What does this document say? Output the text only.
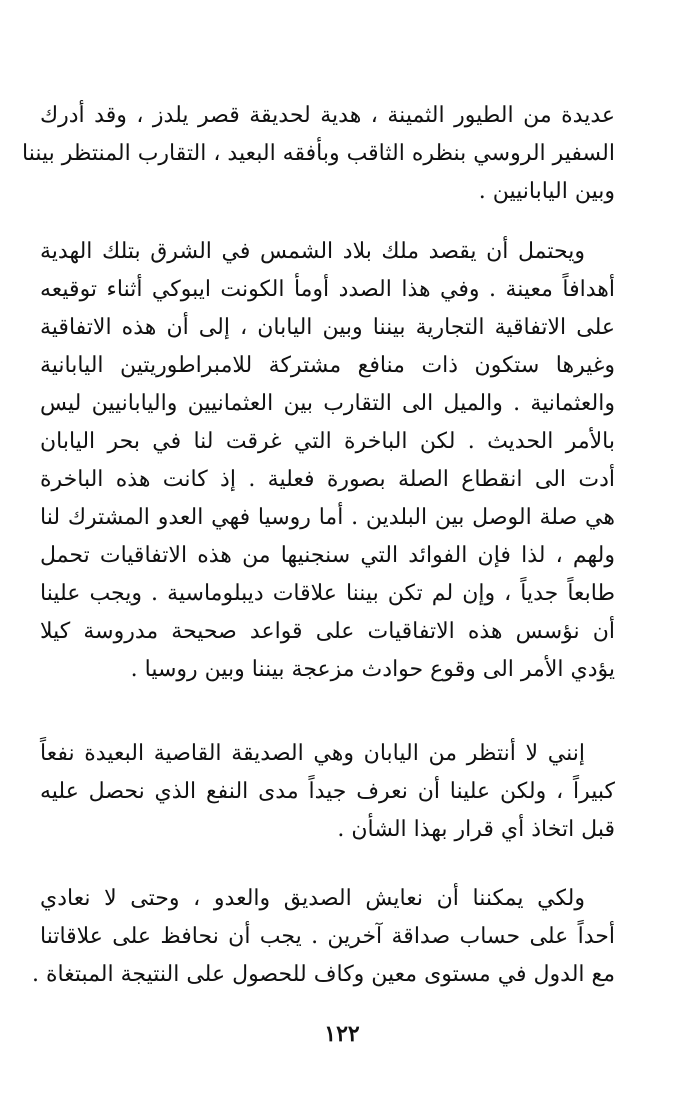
عديدة من الطيور الثمينة ، هدية لحديقة قصر يلدز ، وقد أدرك
السفير الروسي بنظره الثاقب وبأفقه البعيد ، التقارب المنتظر بيننا
وبين اليابانيين .
ويحتمل أن يقصد ملك بلاد الشمس في الشرق بتلك الهدية
أهدافاً معينة . وفي هذا الصدد أومأ الكونت ايبوكي أثناء توقيعه
على الاتفاقية التجارية بيننا وبين اليابان ، إلى أن هذه الاتفاقية
وغيرها ستكون ذات منافع مشتركة للامبراطوريتين اليابانية
والعثمانية . والميل الى التقارب بين العثمانيين واليابانيين ليس
بالأمر الحديث . لكن الباخرة التي غرقت لنا في بحر اليابان
أدت الى انقطاع الصلة بصورة فعلية . إذ كانت هذه الباخرة
هي صلة الوصل بين البلدين . أما روسيا فهي العدو المشترك لنا
ولهم ، لذا فإن الفوائد التي سنجنيها من هذه الاتفاقيات تحمل
طابعاً جدياً ، وإن لم تكن بيننا علاقات ديبلوماسية . ويجب علينا
أن نؤسس هذه الاتفاقيات على قواعد صحيحة مدروسة كيلا
يؤدي الأمر الى وقوع حوادث مزعجة بيننا وبين روسيا .
إنني لا أنتظر من اليابان وهي الصديقة القاصية البعيدة نفعاً
كبيراً ، ولكن علينا أن نعرف جيداً مدى النفع الذي نحصل عليه
قبل اتخاذ أي قرار بهذا الشأن .
ولكي يمكننا أن نعايش الصديق والعدو ، وحتى لا نعادي
أحداً على حساب صداقة آخرين . يجب أن نحافظ على علاقاتنا
مع الدول في مستوى معين وكاف للحصول على النتيجة المبتغاة .
١٢٢
